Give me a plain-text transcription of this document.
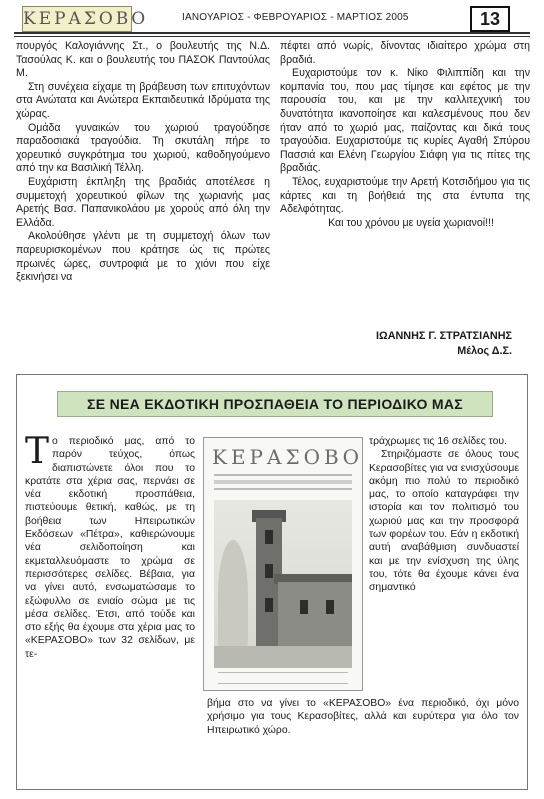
ΚΕΡΑΣΟΒΟ	ΙΑΝΟΥΑΡΙΟΣ - ΦΕΒΡΟΥΑΡΙΟΣ - ΜΑΡΤΙΟΣ 2005	13

πουργός Καλογιάννης Στ., ο βουλευτής της Ν.Δ. Τασούλας Κ. και ο βουλευτής του ΠΑΣΟΚ Παντούλας Μ.

Στη συνέχεια είχαμε τη βράβευση των επιτυχόντων στα Ανώτατα και Ανώτερα Εκπαιδευτικά Ιδρύματα της χώρας.

Ομάδα γυναικών του χωριού τραγούδησε παραδοσιακά τραγούδια. Τη σκυτάλη πήρε το χορευτικό συγκρότημα του χωριού, καθοδηγούμενο από την κα Βασιλική Τέλλη.

Ευχάριστη έκπληξη της βραδιάς αποτέλεσε η συμμετοχή χορευτικού φίλων της χωριανής μας Αρετής Βασ. Παπανικολάου με χορούς από όλη την Ελλάδα.

Ακολούθησε γλέντι με τη συμμετοχή όλων των παρευρισκομένων που κράτησε ώς τις πρώτες πρωινές ώρες, συντροφιά με το χιόνι που είχε ξεκινήσει να

πέφτει από νωρίς, δίνοντας ιδιαίτερο χρώμα στη βραδιά.

Ευχαριστούμε τον κ. Νίκο Φιλιππίδη και την κομπανία του, που μας τίμησε και εφέτος με την παρουσία του, και με την καλλιτεχνική του δυνατότητα ικανοποίησε και καλεσμένους που δεν ήταν από το χωριό μας, παίζοντας και δικά τους τραγούδια. Ευχαριστούμε τις κυρίες Αγαθή Σπύρου Πασσιά και Ελένη Γεωργίου Σιάφη για τις πίτες της βραδιάς.

Τέλος, ευχαριστούμε την Αρετή Κοτσιδήμου για τις κάρτες και τη βοήθειά της στα έντυπα της Αδελφότητας.

Και του χρόνου με υγεία χωριανοί!!!

ΙΩΑΝΝΗΣ Γ. ΣΤΡΑΤΣΙΑΝΗΣ
Μέλος Δ.Σ.
ΣΕ ΝΕΑ ΕΚΔΟΤΙΚΗ ΠΡΟΣΠΑΘΕΙΑ ΤΟ ΠΕΡΙΟΔΙΚΟ ΜΑΣ
Το περιοδικό μας, από το παρόν τεύχος, όπως διαπιστώνετε όλοι που το κρατάτε στα χέρια σας, περνάει σε νέα εκδοτική προσπάθεια, πιστεύουμε θετική, καθώς, με τη βοήθεια των Ηπειρωτικών Εκδόσεων «Πέτρα», καθιερώνουμε νέα σελιδοποίηση και εκμεταλλευόμαστε το χρώμα σε περισσότερες σελίδες. Βέβαια, για να γίνει αυτό, ενσωματώσαμε το εξώφυλλο σε ενιαίο σώμα με τις μέσα σελίδες. Έτσι, από τούδε και στο εξής θα έχουμε στα χέρια μας το «ΚΕΡΑΣΟΒΟ» των 32 σελίδων, με τε-
ΚΕΡΑΣΟΒΟ

τράχρωμες τις 16 σελίδες του.

Στηριζόμαστε σε όλους τους Κερασοβίτες για να ενισχύσουμε ακόμη πιο πολύ το περιοδικό μας, το οποίο καταγράφει την ιστορία και τον πολιτισμό του χωριού μας και την προσφορά των φορέων του. Εάν η εκδοτική αυτή αναβάθμιση συνδυαστεί και με την ενίσχυση της ύλης του, τότε θα έχουμε κάνει ένα σημαντικό

βήμα στο να γίνει το «ΚΕΡΑΣΟΒΟ» ένα περιοδικό, όχι μόνο χρήσιμο για τους Κερασοβίτες, αλλά και ευρύτερα για όλο τον Ηπειρωτικό χώρο.
